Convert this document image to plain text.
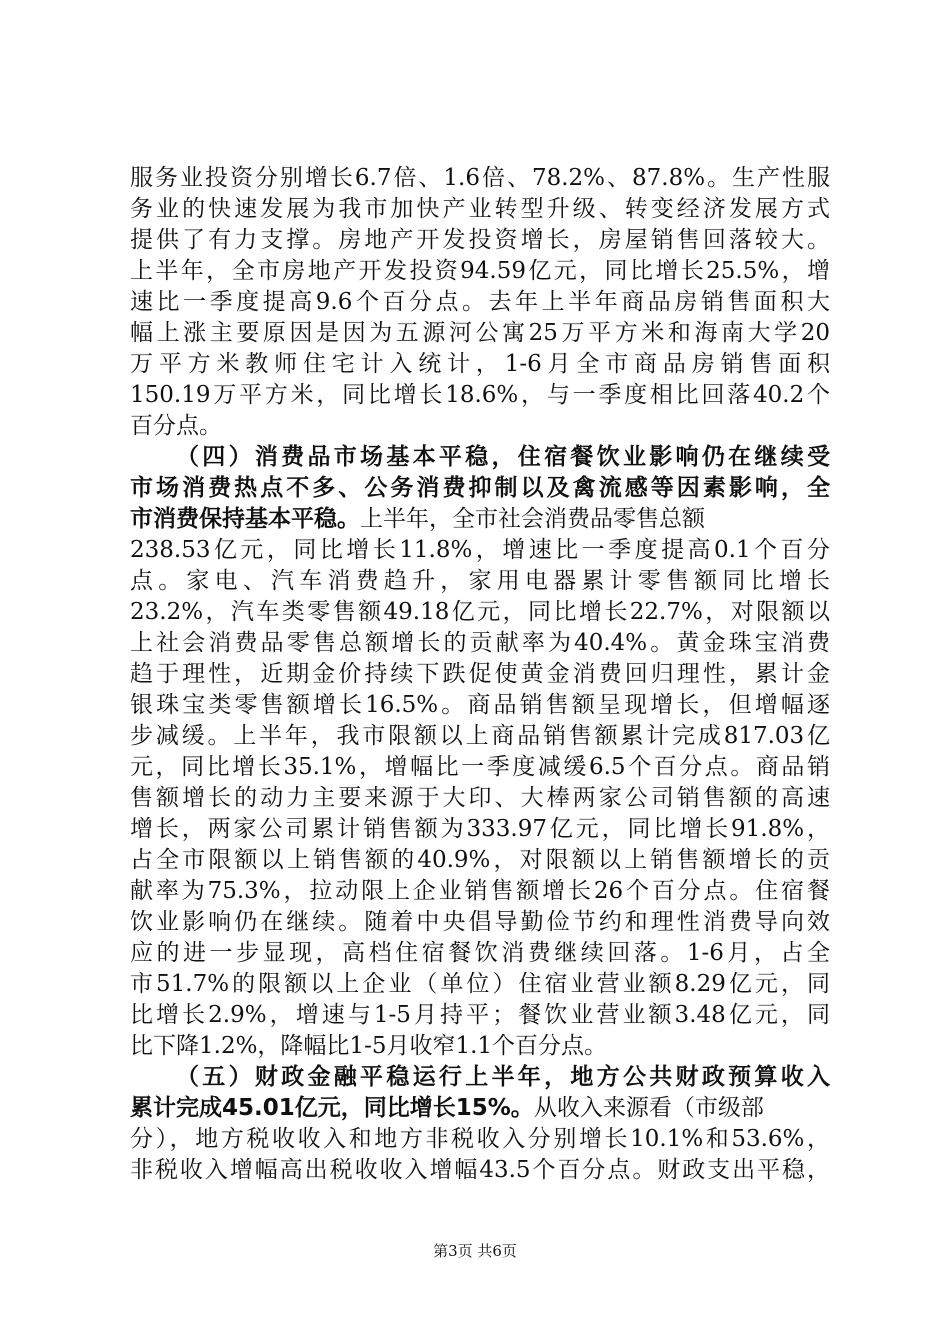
服务业投资分别增长6.7倍、1.6倍、78.2%、87.8%。生产性服
务业的快速发展为我市加快产业转型升级、转变经济发展方式
提供了有力支撑。房地产开发投资增长，房屋销售回落较大。
上半年，全市房地产开发投资94.59亿元，同比增长25.5%，增
速比一季度提高9.6个百分点。去年上半年商品房销售面积大
幅上涨主要原因是因为五源河公寓25万平方米和海南大学20
万平方米教师住宅计入统计，1-6月全市商品房销售面积
150.19万平方米，同比增长18.6%，与一季度相比回落40.2个
百分点。
（四）消费品市场基本平稳，住宿餐饮业影响仍在继续受
市场消费热点不多、公务消费抑制以及禽流感等因素影响，全
市消费保持基本平稳。上半年，全市社会消费品零售总额
238.53亿元，同比增长11.8%，增速比一季度提高0.1个百分
点。家电、汽车消费趋升，家用电器累计零售额同比增长
23.2%，汽车类零售额49.18亿元，同比增长22.7%，对限额以
上社会消费品零售总额增长的贡献率为40.4%。黄金珠宝消费
趋于理性，近期金价持续下跌促使黄金消费回归理性，累计金
银珠宝类零售额增长16.5%。商品销售额呈现增长，但增幅逐
步减缓。上半年，我市限额以上商品销售额累计完成817.03亿
元，同比增长35.1%，增幅比一季度减缓6.5个百分点。商品销
售额增长的动力主要来源于大印、大棒两家公司销售额的高速
增长，两家公司累计销售额为333.97亿元，同比增长91.8%，
占全市限额以上销售额的40.9%，对限额以上销售额增长的贡
献率为75.3%，拉动限上企业销售额增长26个百分点。住宿餐
饮业影响仍在继续。随着中央倡导勤俭节约和理性消费导向效
应的进一步显现，高档住宿餐饮消费继续回落。1-6月，占全
市51.7%的限额以上企业（单位）住宿业营业额8.29亿元，同
比增长2.9%，增速与1-5月持平；餐饮业营业额3.48亿元，同
比下降1.2%，降幅比1-5月收窄1.1个百分点。
（五）财政金融平稳运行上半年，地方公共财政预算收入
第3页 共6页
累计完成45.01亿元，同比增长15%。从收入来源看（市级部
分），地方税收收入和地方非税收入分别增长10.1%和53.6%，
非税收入增幅高出税收收入增幅43.5个百分点。财政支出平稳，
